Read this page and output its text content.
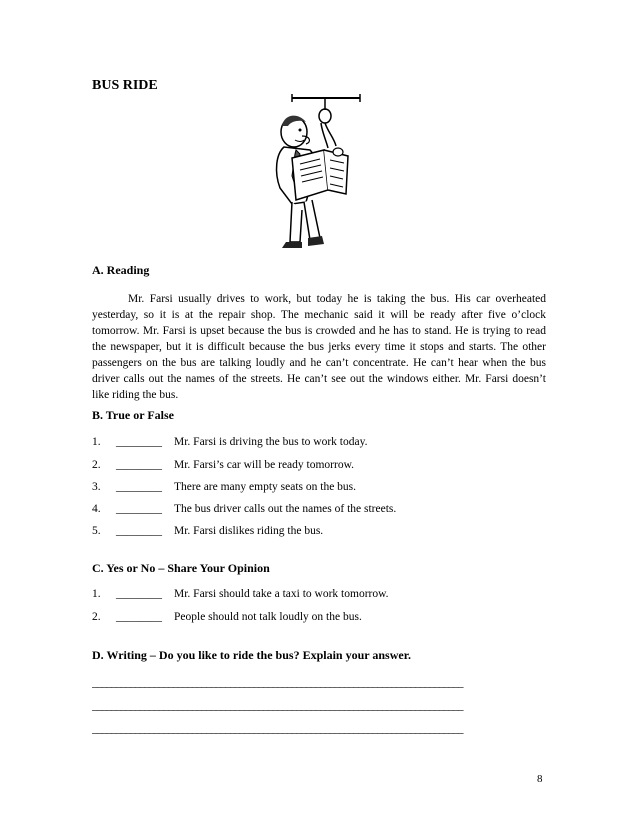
BUS RIDE
A. Reading
Mr. Farsi usually drives to work, but today he is taking the bus. His car overheated yesterday, so it is at the repair shop. The mechanic said it will be ready after five o’clock tomorrow. Mr. Farsi is upset because the bus is crowded and he has to stand. He is trying to read the newspaper, but it is difficult because the bus jerks every time it stops and starts. The other passengers on the bus are talking loudly and he can’t concentrate. He can’t hear when the bus driver calls out the names of the streets. He can’t see out the windows either. Mr. Farsi doesn’t like riding the bus.
B. True or False
1. ________ Mr. Farsi is driving the bus to work today.
2. ________ Mr. Farsi’s car will be ready tomorrow.
3. ________ There are many empty seats on the bus.
4. ________ The bus driver calls out the names of the streets.
5. ________ Mr. Farsi dislikes riding the bus.
C. Yes or No – Share Your Opinion
1. ________ Mr. Farsi should take a taxi to work tomorrow.
2. ________ People should not talk loudly on the bus.
D. Writing – Do you like to ride the bus? Explain your answer.
______________________________________________________________________________
______________________________________________________________________________
______________________________________________________________________________
8
